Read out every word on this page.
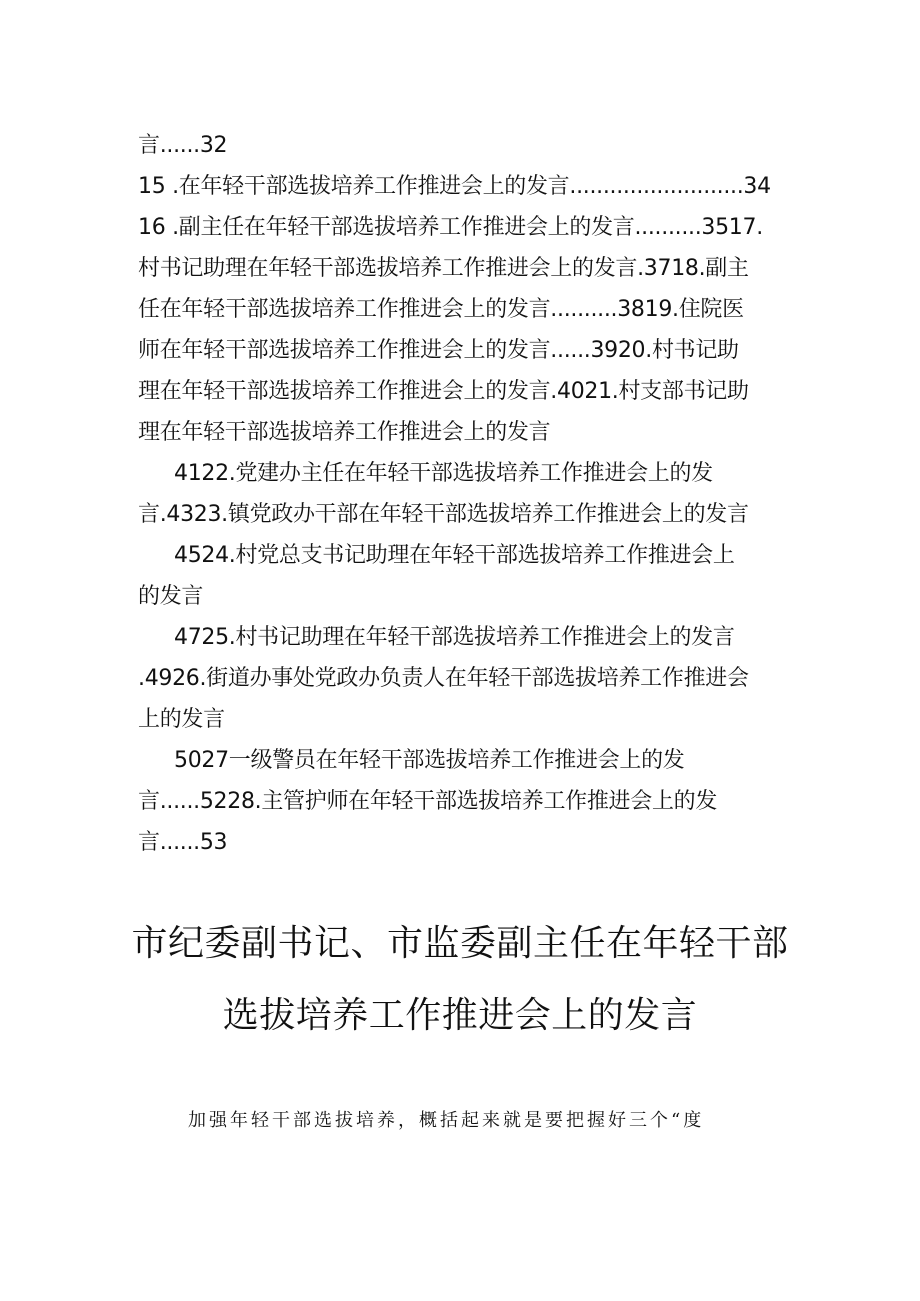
言......32

15 .在年轻干部选拔培养工作推进会上的发言..........................34

16 .副主任在年轻干部选拔培养工作推进会上的发言..........3517.

村书记助理在年轻干部选拔培养工作推进会上的发言.3718.副主

任在年轻干部选拔培养工作推进会上的发言..........3819.住院医

师在年轻干部选拔培养工作推进会上的发言......3920.村书记助

理在年轻干部选拔培养工作推进会上的发言.4021.村支部书记助

理在年轻干部选拔培养工作推进会上的发言

4122.党建办主任在年轻干部选拔培养工作推进会上的发

言.4323.镇党政办干部在年轻干部选拔培养工作推进会上的发言

4524.村党总支书记助理在年轻干部选拔培养工作推进会上

的发言

4725.村书记助理在年轻干部选拔培养工作推进会上的发言

.4926.街道办事处党政办负责人在年轻干部选拔培养工作推进会

上的发言

5027一级警员在年轻干部选拔培养工作推进会上的发

言......5228.主管护师在年轻干部选拔培养工作推进会上的发

言......53

市纪委副书记、市监委副主任在年轻干部
选拔培养工作推进会上的发言

加强年轻干部选拔培养，概括起来就是要把握好三个“度
